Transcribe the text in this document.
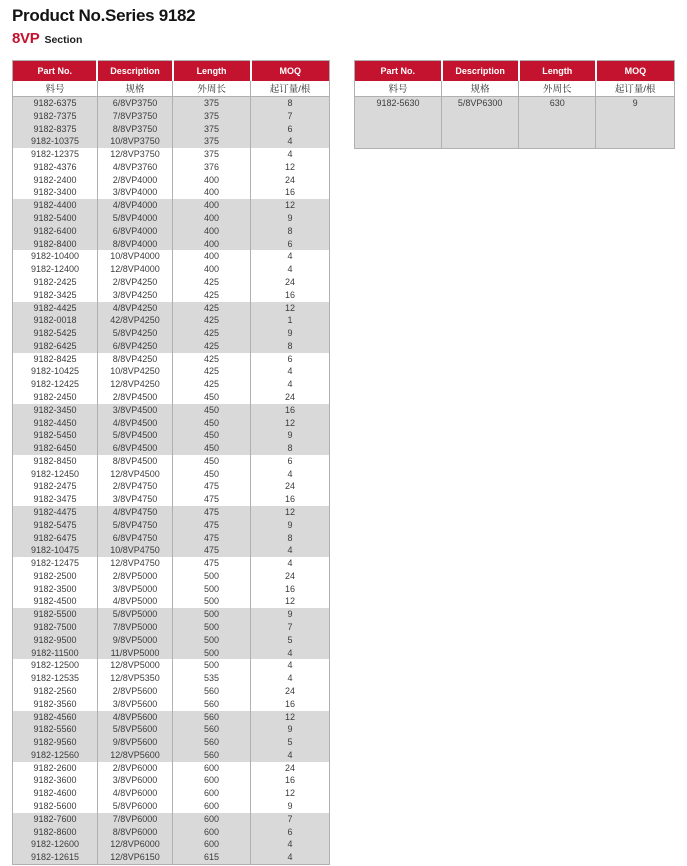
Product No.Series 9182
8VP Section
Part No.	Description	Length	MOQ
料号	规格	外周长	起订量/根
9182-6375	6/8VP3750	375	8
9182-7375	7/8VP3750	375	7
9182-8375	8/8VP3750	375	6
9182-10375	10/8VP3750	375	4
9182-12375	12/8VP3750	375	4
9182-4376	4/8VP3760	376	12
9182-2400	2/8VP4000	400	24
9182-3400	3/8VP4000	400	16
9182-4400	4/8VP4000	400	12
9182-5400	5/8VP4000	400	9
9182-6400	6/8VP4000	400	8
9182-8400	8/8VP4000	400	6
9182-10400	10/8VP4000	400	4
9182-12400	12/8VP4000	400	4
9182-2425	2/8VP4250	425	24
9182-3425	3/8VP4250	425	16
9182-4425	4/8VP4250	425	12
9182-0018	42/8VP4250	425	1
9182-5425	5/8VP4250	425	9
9182-6425	6/8VP4250	425	8
9182-8425	8/8VP4250	425	6
9182-10425	10/8VP4250	425	4
9182-12425	12/8VP4250	425	4
9182-2450	2/8VP4500	450	24
9182-3450	3/8VP4500	450	16
9182-4450	4/8VP4500	450	12
9182-5450	5/8VP4500	450	9
9182-6450	6/8VP4500	450	8
9182-8450	8/8VP4500	450	6
9182-12450	12/8VP4500	450	4
9182-2475	2/8VP4750	475	24
9182-3475	3/8VP4750	475	16
9182-4475	4/8VP4750	475	12
9182-5475	5/8VP4750	475	9
9182-6475	6/8VP4750	475	8
9182-10475	10/8VP4750	475	4
9182-12475	12/8VP4750	475	4
9182-2500	2/8VP5000	500	24
9182-3500	3/8VP5000	500	16
9182-4500	4/8VP5000	500	12
9182-5500	5/8VP5000	500	9
9182-7500	7/8VP5000	500	7
9182-9500	9/8VP5000	500	5
9182-11500	11/8VP5000	500	4
9182-12500	12/8VP5000	500	4
9182-12535	12/8VP5350	535	4
9182-2560	2/8VP5600	560	24
9182-3560	3/8VP5600	560	16
9182-4560	4/8VP5600	560	12
9182-5560	5/8VP5600	560	9
9182-9560	9/8VP5600	560	5
9182-12560	12/8VP5600	560	4
9182-2600	2/8VP6000	600	24
9182-3600	3/8VP6000	600	16
9182-4600	4/8VP6000	600	12
9182-5600	5/8VP6000	600	9
9182-7600	7/8VP6000	600	7
9182-8600	8/8VP6000	600	6
9182-12600	12/8VP6000	600	4
9182-12615	12/8VP6150	615	4
Part No.	Description	Length	MOQ
料号	规格	外周长	起订量/根
9182-5630	5/8VP6300	630	9
